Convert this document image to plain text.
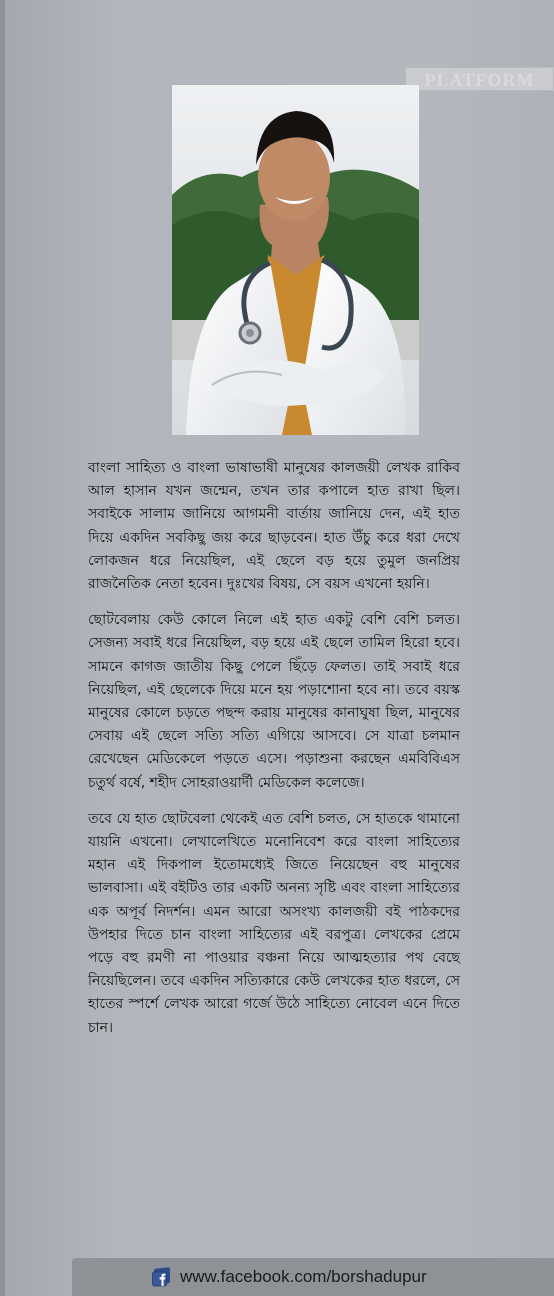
PLATFORM

বাংলা সাহিত্য ও বাংলা ভাষাভাষী মানুষের কালজয়ী লেখক রাকিব আল হাসান যখন জন্মেন, তখন তার কপালে হাত রাখা ছিল। সবাইকে সালাম জানিয়ে আগমনী বার্তায় জানিয়ে দেন, এই হাত দিয়ে একদিন সবকিছু জয় করে ছাড়বেন। হাত উঁচু করে ধরা দেখে লোকজন ধরে নিয়েছিল, এই ছেলে বড় হয়ে তুমুল জনপ্রিয় রাজনৈতিক নেতা হবেন। দুঃখের বিষয়, সে বয়স এখনো হয়নি।

ছোটবেলায় কেউ কোলে নিলে এই হাত একটু বেশি বেশি চলত। সেজন্য সবাই ধরে নিয়েছিল, বড় হয়ে এই ছেলে তামিল হিরো হবে। সামনে কাগজ জাতীয় কিছু পেলে ছিঁড়ে ফেলত। তাই সবাই ধরে নিয়েছিল, এই ছেলেকে দিয়ে মনে হয় পড়াশোনা হবে না। তবে বয়স্ক মানুষের কোলে চড়তে পছন্দ করায় মানুষের কানাঘুষা ছিল, মানুষের সেবায় এই ছেলে সত্যি সত্যি এগিয়ে আসবে। সে যাত্রা চলমান রেখেছেন মেডিকেলে পড়তে এসে। পড়াশুনা করছেন এমবিবিএস চতুর্থ বর্ষে, শহীদ সোহরাওয়ার্দী মেডিকেল কলেজে।

তবে যে হাত ছোটবেলা থেকেই এত বেশি চলত, সে হাতকে থামানো যায়নি এখনো। লেখালেখিতে মনোনিবেশ করে বাংলা সাহিত্যের মহান এই দিকপাল ইতোমধ্যেই জিতে নিয়েছেন বহু মানুষের ভালবাসা। এই বইটিও তার একটি অনন্য সৃষ্টি এবং বাংলা সাহিত্যের এক অপূর্ব নিদর্শন। এমন আরো অসংখ্য কালজয়ী বই পাঠকদের উপহার দিতে চান বাংলা সাহিত্যের এই বরপুত্র। লেখকের প্রেমে পড়ে বহু রমণী না পাওয়ার বঞ্চনা নিয়ে আত্মহত্যার পথ বেছে নিয়েছিলেন। তবে একদিন সত্যিকারে কেউ লেখকের হাত ধরলে, সে হাতের স্পর্শে লেখক আরো গর্জে উঠে সাহিত্যে নোবেল এনে দিতে চান।

www.facebook.com/borshadupur
